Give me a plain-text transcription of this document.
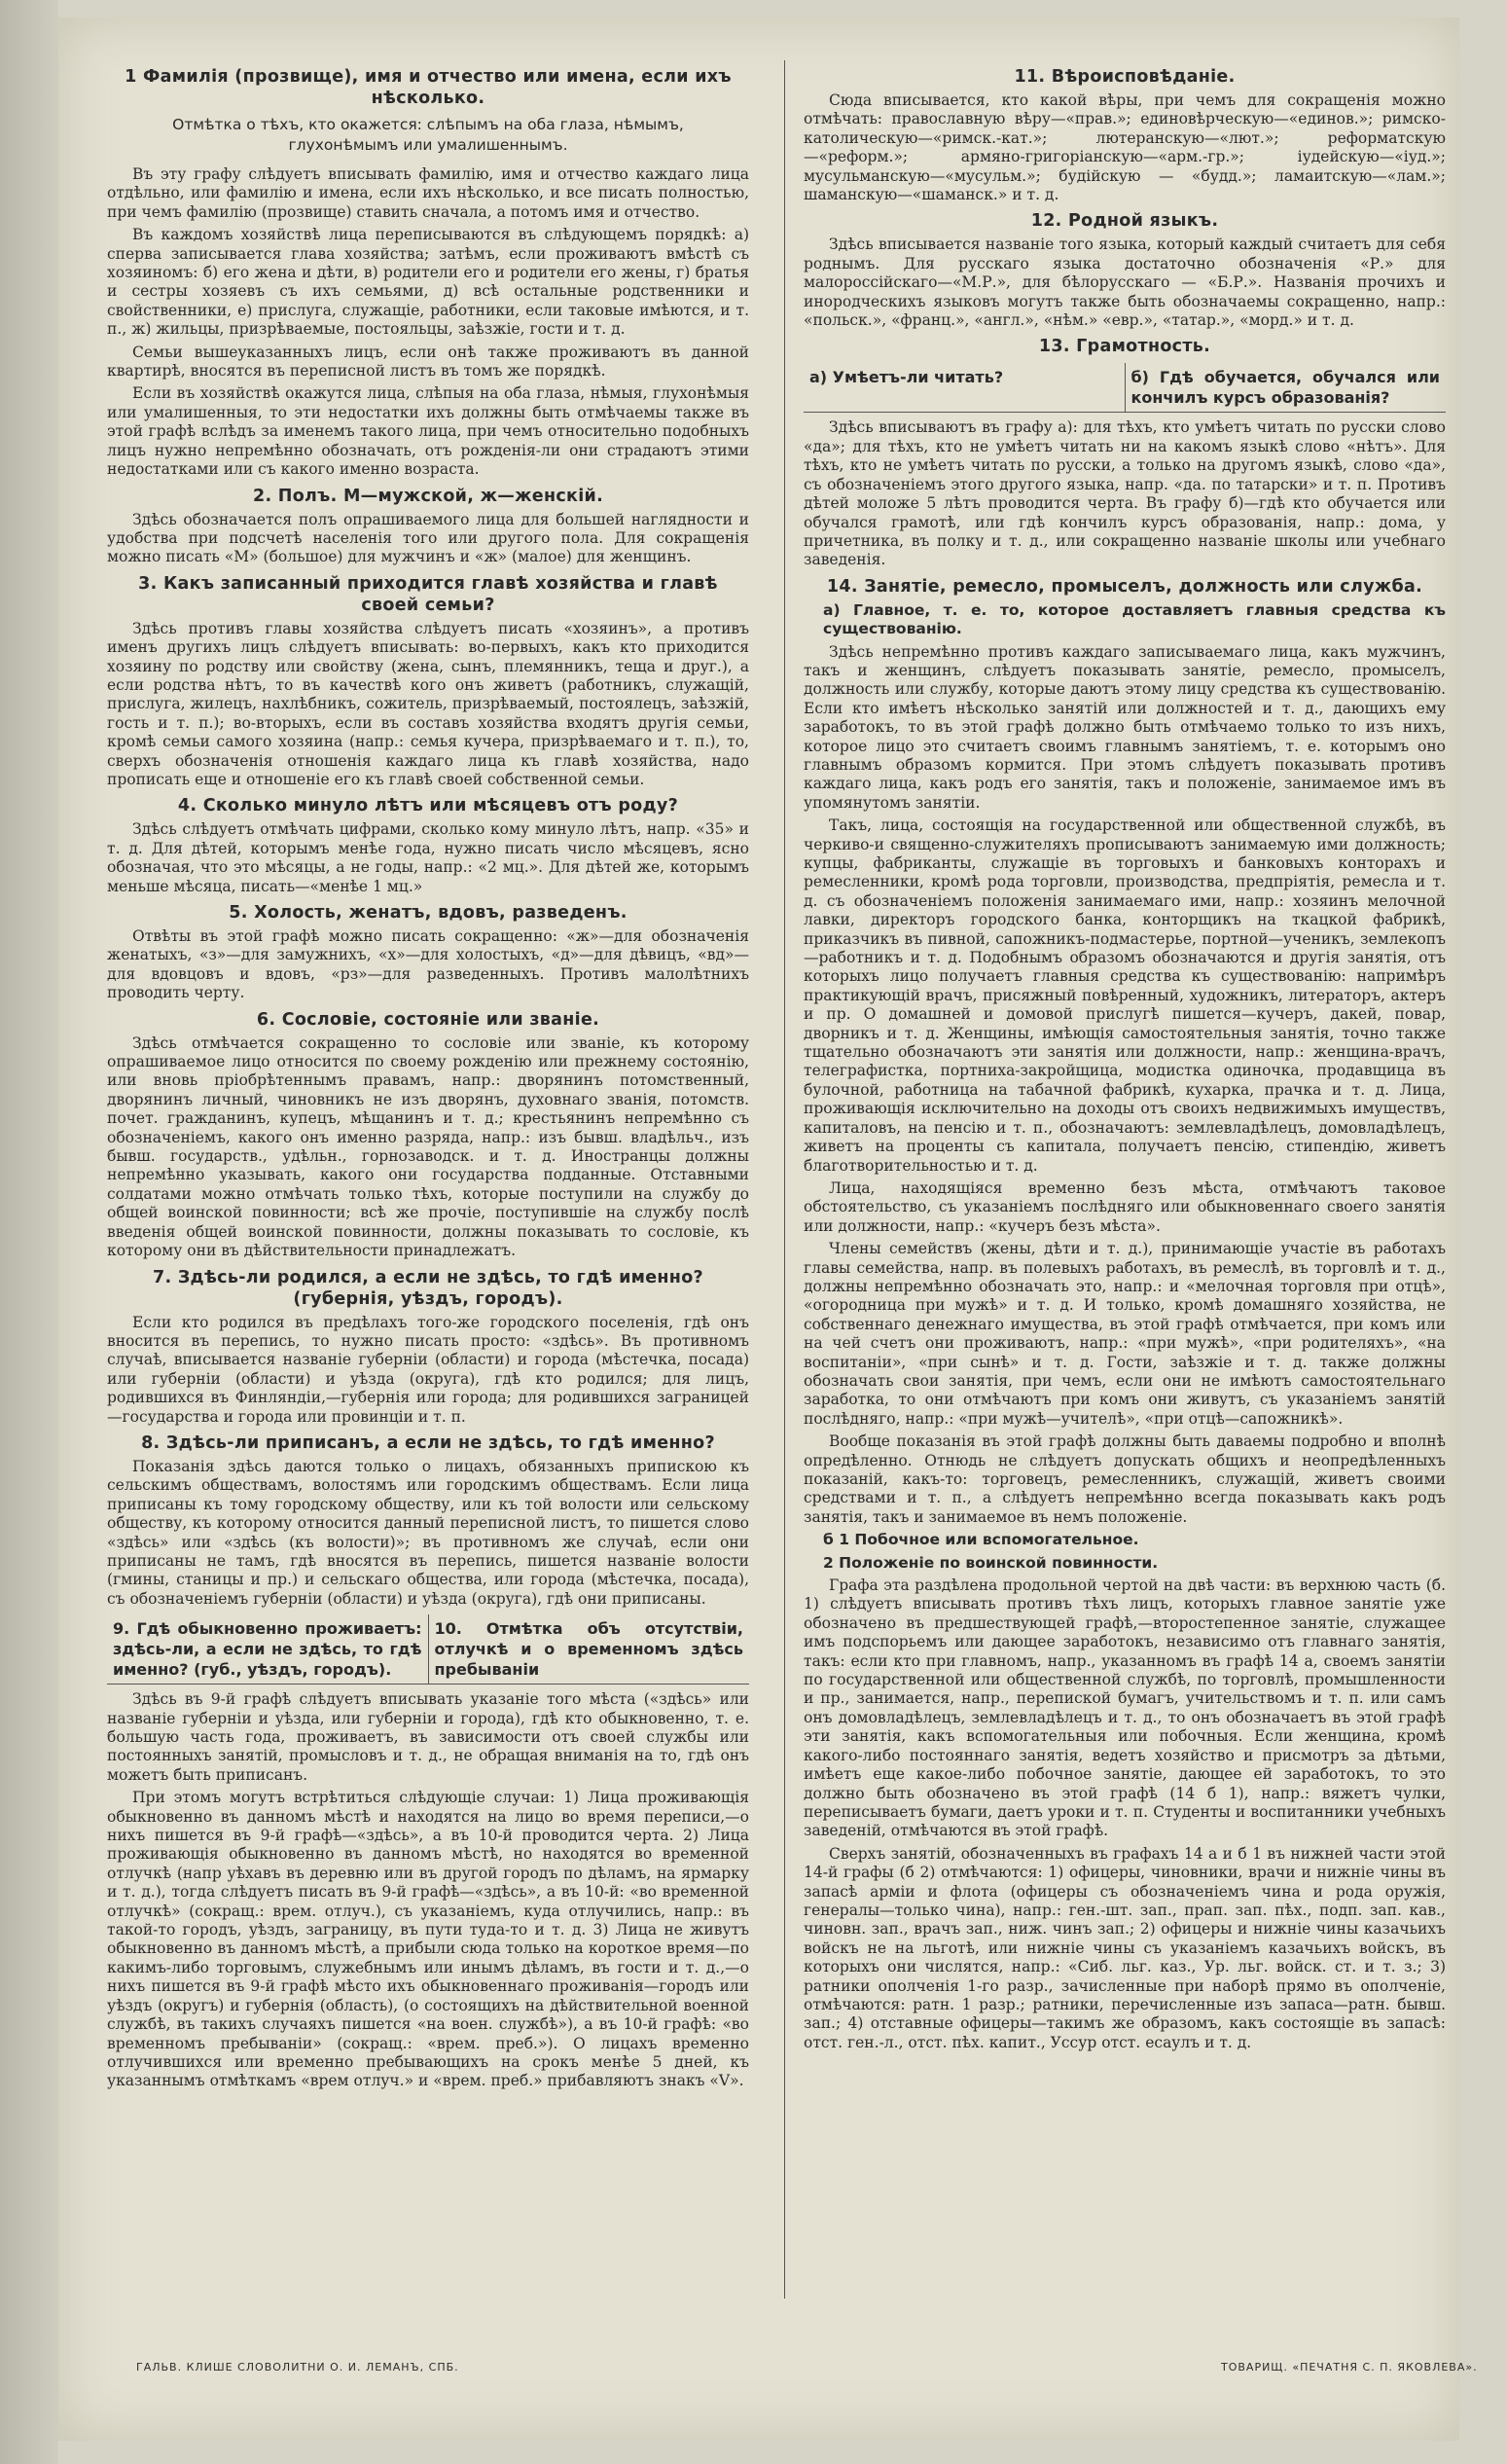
1 Фамилія (прозвище), имя и отчество или имена, если ихъ нѣсколько.
Отмѣтка о тѣхъ, кто окажется: слѣпымъ на оба глаза, нѣмымъ, глухонѣмымъ или умалишеннымъ.

Въ эту графу слѣдуетъ вписывать фамилію, имя и отчество каждаго лица отдѣльно, или фамилію и имена, если ихъ нѣсколько, и все писать полностью, при чемъ фамилію (прозвище) ставить сначала, а потомъ имя и отчество.

Въ каждомъ хозяйствѣ лица переписываются въ слѣдующемъ порядкѣ: а) сперва записывается глава хозяйства; затѣмъ, если проживаютъ вмѣстѣ съ хозяиномъ: б) его жена и дѣти, в) родители его и родители его жены, г) братья и сестры хозяевъ съ ихъ семьями, д) всѣ остальные родственники и свойственники, е) прислуга, служащіе, работники, если таковые имѣются, и т. п., ж) жильцы, призрѣваемые, постояльцы, заѣзжіе, гости и т. д.

Семьи вышеуказанныхъ лицъ, если онѣ также проживаютъ въ данной квартирѣ, вносятся въ переписной листъ въ томъ же порядкѣ.

Если въ хозяйствѣ окажутся лица, слѣпыя на оба глаза, нѣмыя, глухонѣмыя или умалишенныя, то эти недостатки ихъ должны быть отмѣчаемы также въ этой графѣ вслѣдъ за именемъ такого лица, при чемъ относительно подобныхъ лицъ нужно непремѣнно обозначать, отъ рожденія-ли они страдаютъ этими недостатками или съ какого именно возраста.

2. Полъ. М—мужской, ж—женскій.

Здѣсь обозначается полъ опрашиваемого лица для большей наглядности и удобства при подсчетѣ населенія того или другого пола. Для сокращенія можно писать «М» (большое) для мужчинъ и «ж» (малое) для женщинъ.

3. Какъ записанный приходится главѣ хозяйства и главѣ своей семьи?

Здѣсь противъ главы хозяйства слѣдуетъ писать «хозяинъ», а противъ именъ другихъ лицъ слѣдуетъ вписывать: во-первыхъ, какъ кто приходится хозяину по родству или свойству (жена, сынъ, племянникъ, теща и друг.), а если родства нѣтъ, то въ качествѣ кого онъ живетъ (работникъ, служащій, прислуга, жилецъ, нахлѣбникъ, сожитель, призрѣваемый, постоялецъ, заѣзжій, гость и т. п.); во-вторыхъ, если въ составъ хозяйства входятъ другія семьи, кромѣ семьи самого хозяина (напр.: семья кучера, призрѣваемаго и т. п.), то, сверхъ обозначенія отношенія каждаго лица къ главѣ хозяйства, надо прописать еще и отношеніе его къ главѣ своей собственной семьи.

4. Сколько минуло лѣтъ или мѣсяцевъ отъ роду?

Здѣсь слѣдуетъ отмѣчать цифрами, сколько кому минуло лѣтъ, напр. «35» и т. д. Для дѣтей, которымъ менѣе года, нужно писать число мѣсяцевъ, ясно обозначая, что это мѣсяцы, а не годы, напр.: «2 мц.». Для дѣтей же, которымъ меньше мѣсяца, писать—«менѣе 1 мц.»

5. Холость, женатъ, вдовъ, разведенъ.

Отвѣты въ этой графѣ можно писать сокращенно: «ж»—для обозначенія женатыхъ, «з»—для замужнихъ, «х»—для холостыхъ, «д»—для дѣвицъ, «вд»—для вдовцовъ и вдовъ, «рз»—для разведенныхъ. Противъ малолѣтнихъ проводить черту.

6. Сословіе, состояніе или званіе.

Здѣсь отмѣчается сокращенно то сословіе или званіе, къ которому опрашиваемое лицо относится по своему рожденію или прежнему состоянію, или вновь пріобрѣтеннымъ правамъ, напр.: дворянинъ потомственный, дворянинъ личный, чиновникъ не изъ дворянъ, духовнаго званія, потомств. почет. гражданинъ, купецъ, мѣщанинъ и т. д.; крестьянинъ непремѣнно съ обозначеніемъ, какого онъ именно разряда, напр.: изъ бывш. владѣльч., изъ бывш. государств., удѣльн., горнозаводск. и т. д. Иностранцы должны непремѣнно указывать, какого они государства подданные. Отставными солдатами можно отмѣчать только тѣхъ, которые поступили на службу до общей воинской повинности; всѣ же прочіе, поступившіе на службу послѣ введенія общей воинской повинности, должны показывать то сословіе, къ которому они въ дѣйствительности принадлежатъ.

7. Здѣсь-ли родился, а если не здѣсь, то гдѣ именно? (губернія, уѣздъ, городъ).

Если кто родился въ предѣлахъ того-же городского поселенія, гдѣ онъ вносится въ перепись, то нужно писать просто: «здѣсь». Въ противномъ случаѣ, вписывается названіе губерніи (области) и города (мѣстечка, посада) или губерніи (области) и уѣзда (округа), гдѣ кто родился; для лицъ, родившихся въ Финляндіи,—губернія или города; для родившихся заграницей—государства и города или провинціи и т. п.

8. Здѣсь-ли приписанъ, а если не здѣсь, то гдѣ именно?

Показанія здѣсь даются только о лицахъ, обязанныхъ припискою къ сельскимъ обществамъ, волостямъ или городскимъ обществамъ. Если лица приписаны къ тому городскому обществу, или къ той волости или сельскому обществу, къ которому относится данный переписной листъ, то пишется слово «здѣсь» или «здѣсь (къ волости)»; въ противномъ же случаѣ, если они приписаны не тамъ, гдѣ вносятся въ перепись, пишется названіе волости (гмины, станицы и пр.) и сельскаго общества, или города (мѣстечка, посада), съ обозначеніемъ губерніи (области) и уѣзда (округа), гдѣ они приписаны.

9. Гдѣ обыкновенно проживаетъ: здѣсь-ли, а если не здѣсь, то гдѣ именно? (губ., уѣздъ, городъ).
10. Отмѣтка объ отсутствіи, отлучкѣ и о временномъ здѣсь пребываніи

Здѣсь въ 9-й графѣ слѣдуетъ вписывать указаніе того мѣста («здѣсь» или названіе губерніи и уѣзда, или губерніи и города), гдѣ кто обыкновенно, т. е. большую часть года, проживаетъ, въ зависимости отъ своей службы или постоянныхъ занятій, промысловъ и т. д., не обращая вниманія на то, гдѣ онъ можетъ быть приписанъ.

При этомъ могутъ встрѣтиться слѣдующіе случаи: 1) Лица проживающія обыкновенно въ данномъ мѣстѣ и находятся на лицо во время переписи,—о нихъ пишется въ 9-й графѣ—«здѣсь», а въ 10-й проводится черта. 2) Лица проживающія обыкновенно въ данномъ мѣстѣ, но находятся во временной отлучкѣ (напр уѣхавъ въ деревню или въ другой городъ по дѣламъ, на ярмарку и т. д.), тогда слѣдуетъ писать въ 9-й графѣ—«здѣсь», а въ 10-й: «во временной отлучкѣ» (сокращ.: врем. отлуч.), съ указаніемъ, куда отлучились, напр.: въ такой-то городъ, уѣздъ, заграницу, въ пути туда-то и т. д. 3) Лица не живутъ обыкновенно въ данномъ мѣстѣ, а прибыли сюда только на короткое время—по какимъ-либо торговымъ, служебнымъ или инымъ дѣламъ, въ гости и т. д.,—о нихъ пишется въ 9-й графѣ мѣсто ихъ обыкновеннаго проживанія—городъ или уѣздъ (округъ) и губернія (область), (о состоящихъ на дѣйствительной военной службѣ, въ такихъ случаяхъ пишется «на воен. службѣ»), а въ 10-й графѣ: «во временномъ пребываніи» (сокращ.: «врем. преб.»). О лицахъ временно отлучившихся или временно пребывающихъ на срокъ менѣе 5 дней, къ указаннымъ отмѣткамъ «врем отлуч.» и «врем. преб.» прибавляютъ знакъ «V».

11. Вѣроисповѣданіе.

Сюда вписывается, кто какой вѣры, при чемъ для сокращенія можно отмѣчать: православную вѣру—«прав.»; единовѣрческую—«единов.»; римско-католическую—«римск.-кат.»; лютеранскую—«лют.»; реформатскую—«реформ.»; армяно-григоріанскую—«арм.-гр.»; іудейскую—«іуд.»; мусульманскую—«мусульм.»; будійскую — «будд.»; ламаитскую—«лам.»; шаманскую—«шаманск.» и т. д.

12. Родной языкъ.

Здѣсь вписывается названіе того языка, который каждый считаетъ для себя роднымъ. Для русскаго языка достаточно обозначенія «Р.» для малороссійскаго—«М.Р.», для бѣлорусскаго — «Б.Р.». Названія прочихъ и инородческихъ языковъ могутъ также быть обозначаемы сокращенно, напр.: «польск.», «франц.», «англ.», «нѣм.» «евр.», «татар.», «морд.» и т. д.

13. Грамотность.
а) Умѣетъ-ли читать?	б) Гдѣ обучается, обучался или кончилъ курсъ образованія?

Здѣсь вписываютъ въ графу а): для тѣхъ, кто умѣетъ читать по русски слово «да»; для тѣхъ, кто не умѣетъ читать ни на какомъ языкѣ слово «нѣтъ». Для тѣхъ, кто не умѣетъ читать по русски, а только на другомъ языкѣ, слово «да», съ обозначеніемъ этого другого языка, напр. «да. по татарски» и т. п. Противъ дѣтей моложе 5 лѣтъ проводится черта. Въ графу б)—гдѣ кто обучается или обучался грамотѣ, или гдѣ кончилъ курсъ образованія, напр.: дома, у причетника, въ полку и т. д., или сокращенно названіе школы или учебнаго заведенія.

14. Занятіе, ремесло, промыселъ, должность или служба.
а) Главное, т. е. то, которое доставляетъ главныя средства къ существованію.

Здѣсь непремѣнно противъ каждаго записываемаго лица, какъ мужчинъ, такъ и женщинъ, слѣдуетъ показывать занятіе, ремесло, промыселъ, должность или службу, которые даютъ этому лицу средства къ существованію. Если кто имѣетъ нѣсколько занятій или должностей и т. д., дающихъ ему заработокъ, то въ этой графѣ должно быть отмѣчаемо только то изъ нихъ, которое лицо это считаетъ своимъ главнымъ занятіемъ, т. е. которымъ оно главнымъ образомъ кормится. При этомъ слѣдуетъ показывать противъ каждаго лица, какъ родъ его занятія, такъ и положеніе, занимаемое имъ въ упомянутомъ занятіи.

Такъ, лица, состоящія на государственной или общественной службѣ, въ черкиво-и священно-служителяхъ прописываютъ занимаемую ими должность; купцы, фабриканты, служащіе въ торговыхъ и банковыхъ конторахъ и ремесленники, кромѣ рода торговли, производства, предпріятія, ремесла и т. д. съ обозначеніемъ положенія занимаемаго ими, напр.: хозяинъ мелочной лавки, директоръ городского банка, конторщикъ на ткацкой фабрикѣ, приказчикъ въ пивной, сапожникъ-подмастерье, портной—ученикъ, землекопъ—работникъ и т. д. Подобнымъ образомъ обозначаются и другія занятія, отъ которыхъ лицо получаетъ главныя средства къ существованію: напримѣръ практикующій врачъ, присяжный повѣренный, художникъ, литераторъ, актеръ и пр. О домашней и домовой прислугѣ пишется—кучеръ, дакей, повар, дворникъ и т. д. Женщины, имѣющія самостоятельныя занятія, точно также тщательно обозначаютъ эти занятія или должности, напр.: женщина-врачъ, телеграфистка, портниха-закройщица, модистка одиночка, продавщица въ булочной, работница на табачной фабрикѣ, кухарка, прачка и т. д. Лица, проживающія исключительно на доходы отъ своихъ недвижимыхъ имуществъ, капиталовъ, на пенсію и т. п., обозначаютъ: землевладѣлецъ, домовладѣлецъ, живетъ на проценты съ капитала, получаетъ пенсію, стипендію, живетъ благотворительностью и т. д.

Лица, находящіяся временно безъ мѣста, отмѣчаютъ таковое обстоятельство, съ указаніемъ послѣдняго или обыкновеннаго своего занятія или должности, напр.: «кучеръ безъ мѣста».

Члены семействъ (жены, дѣти и т. д.), принимающіе участіе въ работахъ главы семейства, напр. въ полевыхъ работахъ, въ ремеслѣ, въ торговлѣ и т. д., должны непремѣнно обозначать это, напр.: и «мелочная торговля при отцѣ», «огородница при мужѣ» и т. д. И только, кромѣ домашняго хозяйства, не собственнаго денежнаго имущества, въ этой графѣ отмѣчается, при комъ или на чей счетъ они проживаютъ, напр.: «при мужѣ», «при родителяхъ», «на воспитаніи», «при сынѣ» и т. д. Гости, заѣзжіе и т. д. также должны обозначать свои занятія, при чемъ, если они не имѣютъ самостоятельнаго заработка, то они отмѣчаютъ при комъ они живутъ, съ указаніемъ занятій послѣдняго, напр.: «при мужѣ—учителѣ», «при отцѣ—сапожникѣ».

Вообще показанія въ этой графѣ должны быть даваемы подробно и вполнѣ опредѣленно. Отнюдь не слѣдуетъ допускать общихъ и неопредѣленныхъ показаній, какъ-то: торговецъ, ремесленникъ, служащій, живетъ своими средствами и т. п., а слѣдуетъ непремѣнно всегда показывать какъ родъ занятія, такъ и занимаемое въ немъ положеніе.

б 1 Побочное или вспомогательное.
2 Положеніе по воинской повинности.

Графа эта раздѣлена продольной чертой на двѣ части: въ верхнюю часть (б. 1) слѣдуетъ вписывать противъ тѣхъ лицъ, которыхъ главное занятіе уже обозначено въ предшествующей графѣ,—второстепенное занятіе, служащее имъ подспорьемъ или дающее заработокъ, независимо отъ главнаго занятія, такъ: если кто при главномъ, напр., указанномъ въ графѣ 14 а, своемъ занятіи по государственной или общественной службѣ, по торговлѣ, промышленности и пр., занимается, напр., перепиской бумагъ, учительствомъ и т. п. или самъ онъ домовладѣлецъ, землевладѣлецъ и т. д., то онъ обозначаетъ въ этой графѣ эти занятія, какъ вспомогательныя или побочныя. Если женщина, кромѣ какого-либо постояннаго занятія, ведетъ хозяйство и присмотръ за дѣтьми, имѣетъ еще какое-либо побочное занятіе, дающее ей заработокъ, то это должно быть обозначено въ этой графѣ (14 б 1), напр.: вяжетъ чулки, переписываетъ бумаги, даетъ уроки и т. п. Студенты и воспитанники учебныхъ заведеній, отмѣчаются въ этой графѣ.

Сверхъ занятій, обозначенныхъ въ графахъ 14 а и б 1 въ нижней части этой 14-й графы (б 2) отмѣчаются: 1) офицеры, чиновники, врачи и нижніе чины въ запасѣ арміи и флота (офицеры съ обозначеніемъ чина и рода оружія, генералы—только чина), напр.: ген.-шт. зап., прап. зап. пѣх., подп. зап. кав., чиновн. зап., врачъ зап., ниж. чинъ зап.; 2) офицеры и нижніе чины казачьихъ войскъ не на льготѣ, или нижніе чины съ указаніемъ казачьихъ войскъ, въ которыхъ они числятся, напр.: «Сиб. льг. каз., Ур. льг. войск. ст. и т. з.; 3) ратники ополченія 1-го разр., зачисленные при наборѣ прямо въ ополченіе, отмѣчаются: ратн. 1 разр.; ратники, перечисленные изъ запаса—ратн. бывш. зап.; 4) отставные офицеры—такимъ же образомъ, какъ состоящіе въ запасѣ: отст. ген.-л., отст. пѣх. капит., Уссур отст. есаулъ и т. д.

ГАЛЬВ. КЛИШЕ СЛОВОЛИТНИ О. И. ЛЕМАНЪ, СПБ.	ТОВАРИЩ. «ПЕЧАТНЯ С. П. ЯКОВЛЕВА».
